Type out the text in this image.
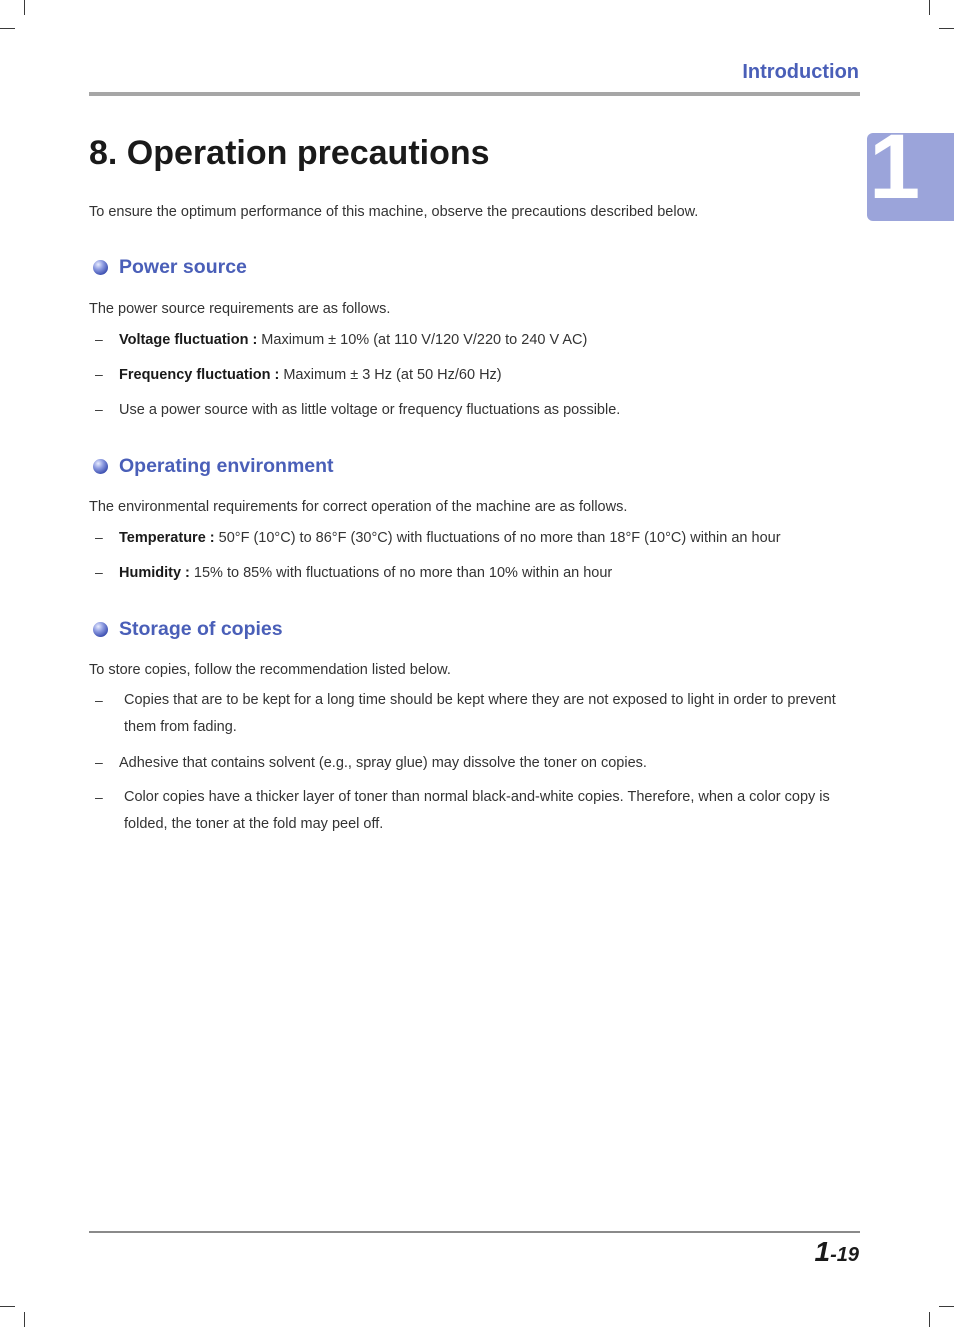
Introduction
1
8. Operation precautions
To ensure the optimum performance of this machine, observe the precautions described below.
Power source
The power source requirements are as follows.
– Voltage fluctuation : Maximum ± 10% (at 110 V/120 V/220 to 240 V AC)
– Frequency fluctuation : Maximum ± 3 Hz (at 50 Hz/60 Hz)
– Use a power source with as little voltage or frequency fluctuations as possible.
Operating environment
The environmental requirements for correct operation of the machine are as follows.
– Temperature : 50°F (10°C) to 86°F (30°C) with fluctuations of no more than 18°F (10°C) within an hour
– Humidity : 15% to 85% with fluctuations of no more than 10% within an hour
Storage of copies
To store copies, follow the recommendation listed below.
– Copies that are to be kept for a long time should be kept where they are not exposed to light in order to prevent them from fading.
– Adhesive that contains solvent (e.g., spray glue) may dissolve the toner on copies.
– Color copies have a thicker layer of toner than normal black-and-white copies. Therefore, when a color copy is folded, the toner at the fold may peel off.
1-19
